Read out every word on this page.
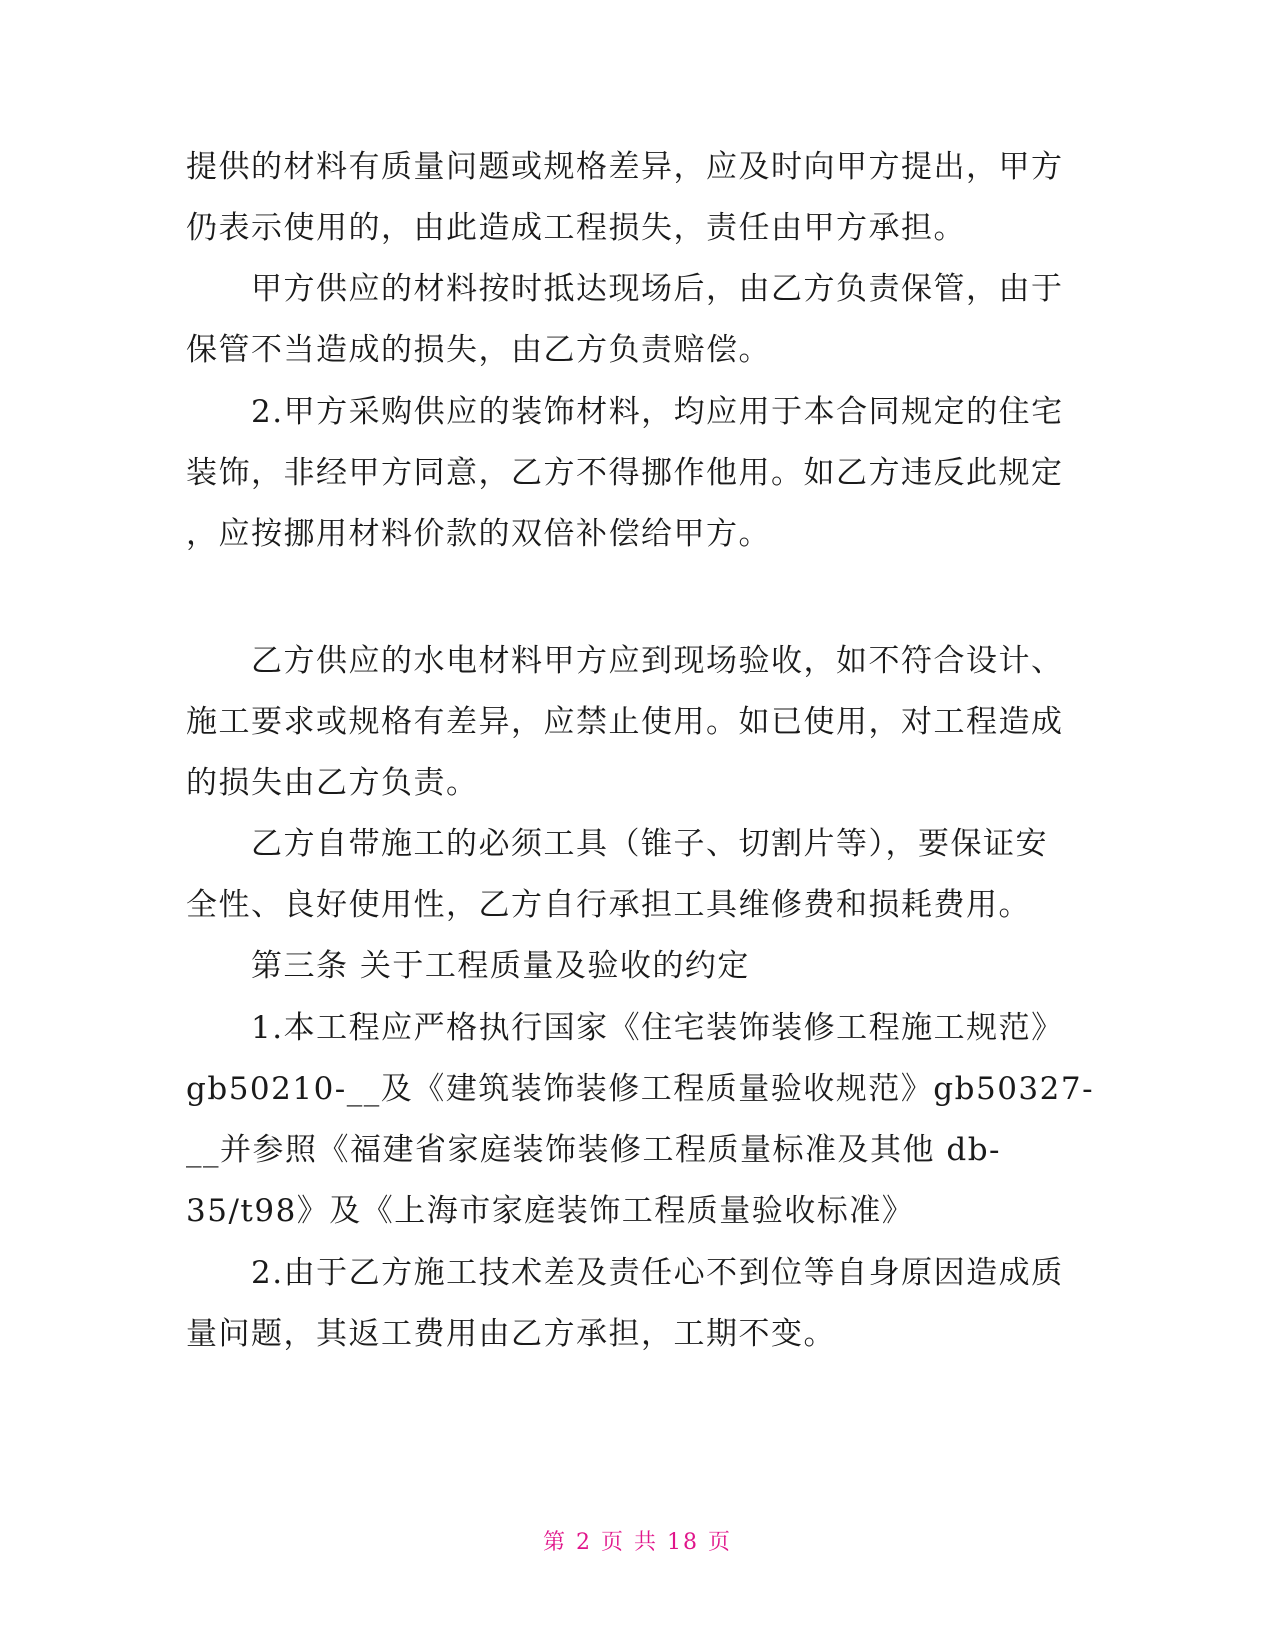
提供的材料有质量问题或规格差异，应及时向甲方提出，甲方
仍表示使用的，由此造成工程损失，责任由甲方承担。
　　甲方供应的材料按时抵达现场后，由乙方负责保管，由于
保管不当造成的损失，由乙方负责赔偿。
　　2.甲方采购供应的装饰材料，均应用于本合同规定的住宅
装饰，非经甲方同意，乙方不得挪作他用。如乙方违反此规定
，应按挪用材料价款的双倍补偿给甲方。
　　乙方供应的水电材料甲方应到现场验收，如不符合设计、
施工要求或规格有差异，应禁止使用。如已使用，对工程造成
的损失由乙方负责。
　　乙方自带施工的必须工具（锥子、切割片等），要保证安
全性、良好使用性，乙方自行承担工具维修费和损耗费用。
　　第三条 关于工程质量及验收的约定
　　1.本工程应严格执行国家《住宅装饰装修工程施工规范》
gb50210-__及《建筑装饰装修工程质量验收规范》gb50327-
__并参照《福建省家庭装饰装修工程质量标准及其他 db-
35/t98》及《上海市家庭装饰工程质量验收标准》
　　2.由于乙方施工技术差及责任心不到位等自身原因造成质
量问题，其返工费用由乙方承担，工期不变。
第 2 页 共 18 页
